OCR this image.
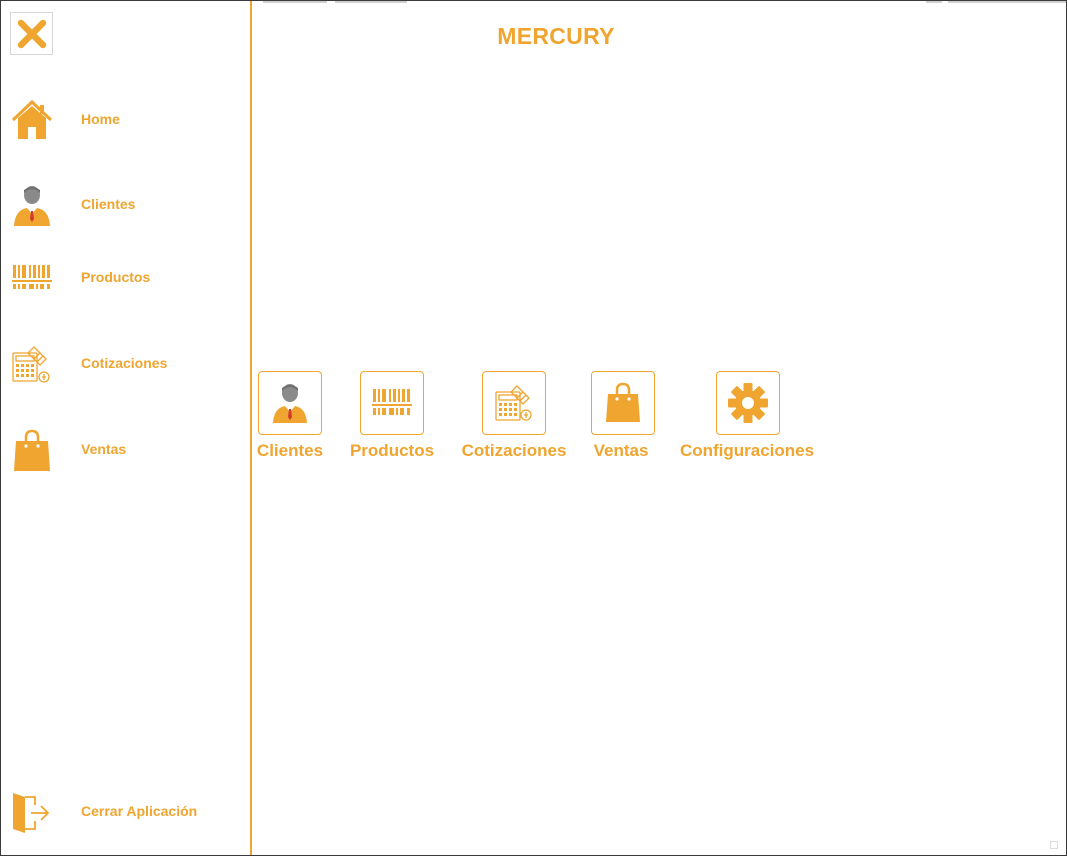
MERCURY
Clientes	Productos	Cotizaciones	Ventas	Configuraciones
Home
Clientes
Productos
Cotizaciones
Ventas
Cerrar Aplicación
